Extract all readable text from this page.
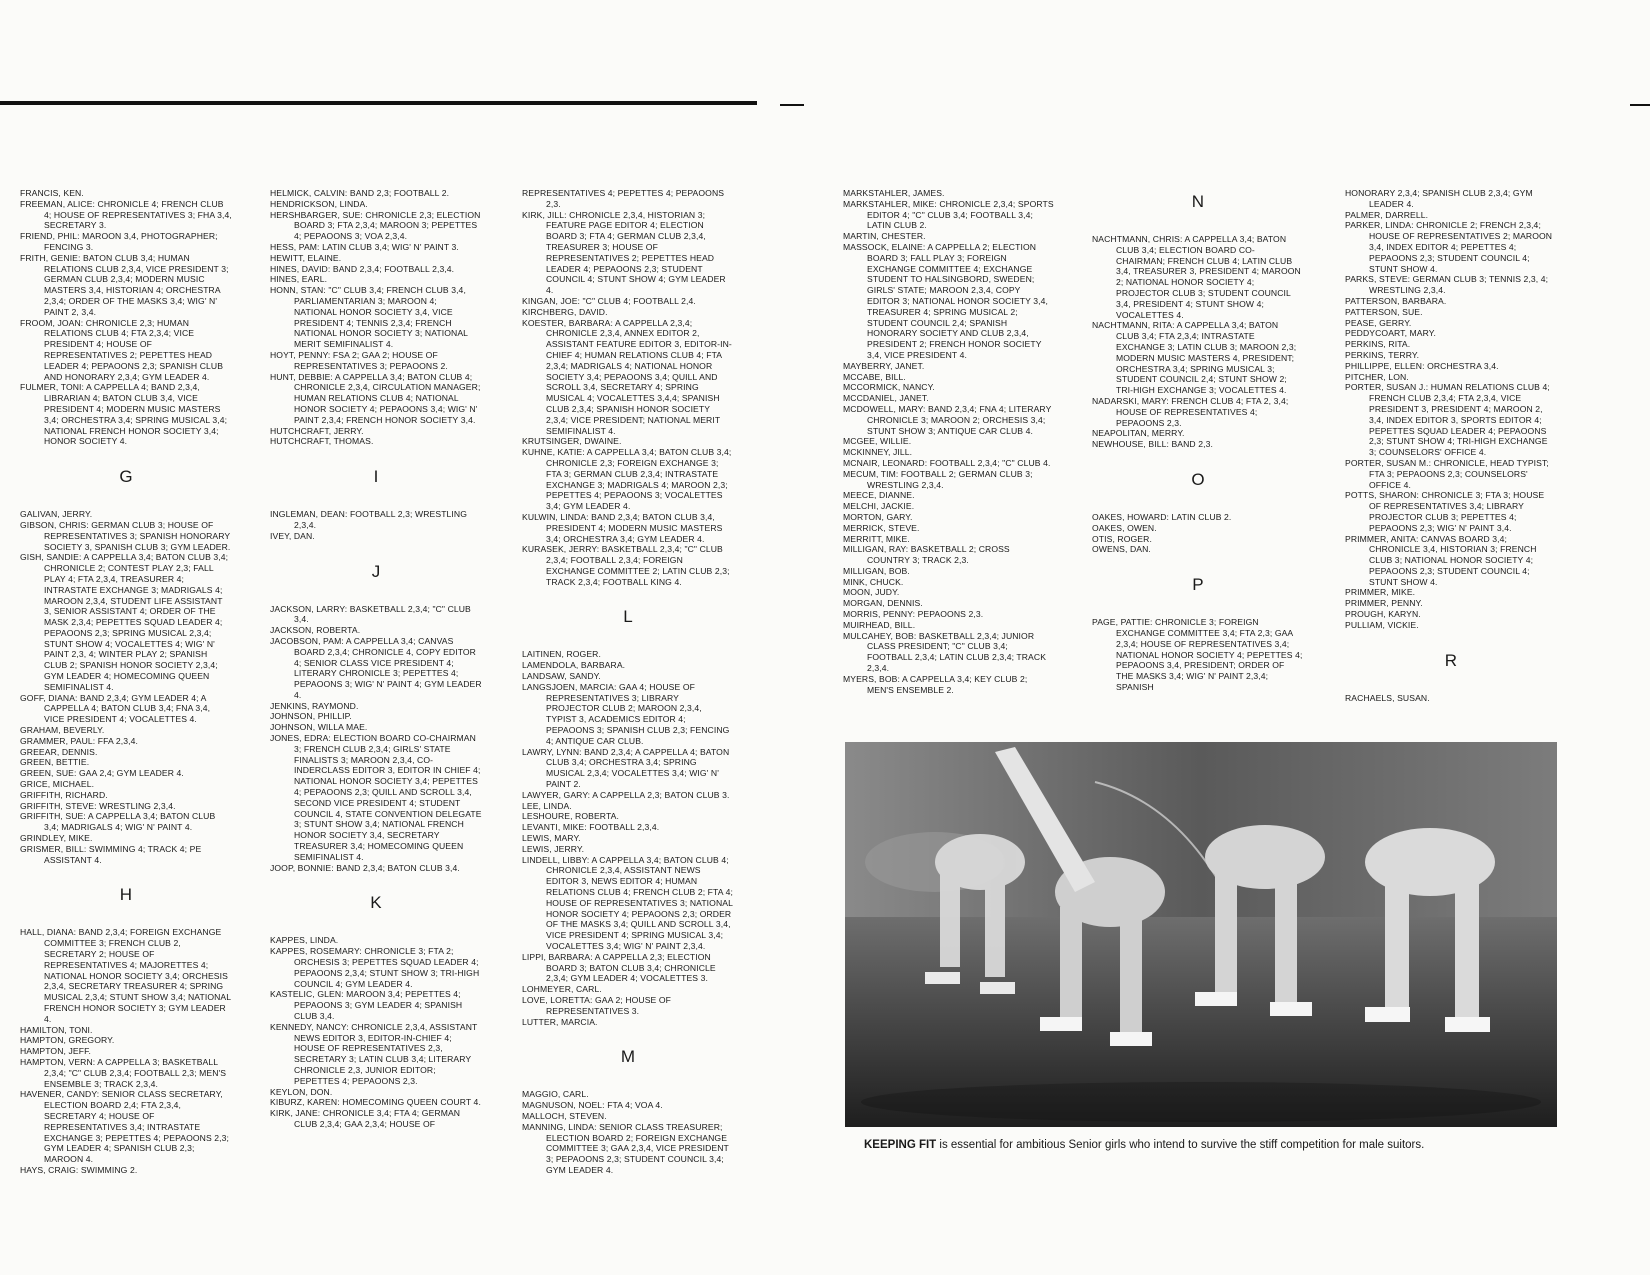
FRANCIS, KEN.

FREEMAN, ALICE: CHRONICLE 4; FRENCH CLUB 4; HOUSE OF REPRESENTATIVES 3; FHA 3,4, SECRETARY 3.

FRIEND, PHIL: MAROON 3,4, PHOTOGRAPHER; FENCING 3.

FRITH, GENIE: BATON CLUB 3,4; HUMAN RELATIONS CLUB 2,3,4, VICE PRESIDENT 3; GERMAN CLUB 2,3,4; MODERN MUSIC MASTERS 3,4, HISTORIAN 4; ORCHESTRA 2,3,4; ORDER OF THE MASKS 3,4; WIG' N' PAINT 2, 3,4.

FROOM, JOAN: CHRONICLE 2,3; HUMAN RELATIONS CLUB 4; FTA 2,3,4; VICE PRESIDENT 4; HOUSE OF REPRESENTATIVES 2; PEPETTES HEAD LEADER 4; PEPAOONS 2,3; SPANISH CLUB AND HONORARY 2,3,4; GYM LEADER 4.

FULMER, TONI: A CAPPELLA 4; BAND 2,3,4, LIBRARIAN 4; BATON CLUB 3,4, VICE PRESIDENT 4; MODERN MUSIC MASTERS 3,4; ORCHESTRA 3,4; SPRING MUSICAL 3,4; NATIONAL FRENCH HONOR SOCIETY 3,4; HONOR SOCIETY 4.

G

GALIVAN, JERRY.

GIBSON, CHRIS: GERMAN CLUB 3; HOUSE OF REPRESENTATIVES 3; SPANISH HONORARY SOCIETY 3, SPANISH CLUB 3; GYM LEADER.

GISH, SANDIE: A CAPPELLA 3,4; BATON CLUB 3,4; CHRONICLE 2; CONTEST PLAY 2,3; FALL PLAY 4; FTA 2,3,4, TREASURER 4; INTRASTATE EXCHANGE 3; MADRIGALS 4; MAROON 2,3,4, STUDENT LIFE ASSISTANT 3, SENIOR ASSISTANT 4; ORDER OF THE MASK 2,3,4; PEPETTES SQUAD LEADER 4; PEPAOONS 2,3; SPRING MUSICAL 2,3,4; STUNT SHOW 4; VOCALETTES 4; WIG' N' PAINT 2,3, 4; WINTER PLAY 2; SPANISH CLUB 2; SPANISH HONOR SOCIETY 2,3,4; GYM LEADER 4; HOMECOMING QUEEN SEMIFINALIST 4.

GOFF, DIANA: BAND 2,3,4; GYM LEADER 4; A CAPPELLA 4; BATON CLUB 3,4; FNA 3,4, VICE PRESIDENT 4; VOCALETTES 4.

GRAHAM, BEVERLY.

GRAMMER, PAUL: FFA 2,3,4.

GREEAR, DENNIS.

GREEN, BETTIE.

GREEN, SUE: GAA 2,4; GYM LEADER 4.

GRICE, MICHAEL.

GRIFFITH, RICHARD.

GRIFFITH, STEVE: WRESTLING 2,3,4.

GRIFFITH, SUE: A CAPPELLA 3,4; BATON CLUB 3,4; MADRIGALS 4; WIG' N' PAINT 4.

GRINDLEY, MIKE.

GRISMER, BILL: SWIMMING 4; TRACK 4; PE ASSISTANT 4.

H

HALL, DIANA: BAND 2,3,4; FOREIGN EXCHANGE COMMITTEE 3; FRENCH CLUB 2, SECRETARY 2; HOUSE OF REPRESENTATIVES 4; MAJORETTES 4; NATIONAL HONOR SOCIETY 3,4; ORCHESIS 2,3,4, SECRETARY TREASURER 4; SPRING MUSICAL 2,3,4; STUNT SHOW 3,4; NATIONAL FRENCH HONOR SOCIETY 3; GYM LEADER 4.

HAMILTON, TONI.

HAMPTON, GREGORY.

HAMPTON, JEFF.

HAMPTON, VERN: A CAPPELLA 3; BASKETBALL 2,3,4; "C" CLUB 2,3,4; FOOTBALL 2,3; MEN'S ENSEMBLE 3; TRACK 2,3,4.

HAVENER, CANDY: SENIOR CLASS SECRETARY, ELECTION BOARD 2,4; FTA 2,3,4, SECRETARY 4; HOUSE OF REPRESENTATIVES 3,4; INTRASTATE EXCHANGE 3; PEPETTES 4; PEPAOONS 2,3; GYM LEADER 4; SPANISH CLUB 2,3; MAROON 4.

HAYS, CRAIG: SWIMMING 2.

HELMICK, CALVIN: BAND 2,3; FOOTBALL 2.

HENDRICKSON, LINDA.

HERSHBARGER, SUE: CHRONICLE 2,3; ELECTION BOARD 3; FTA 2,3,4; MAROON 3; PEPETTES 4; PEPAOONS 3; VOA 2,3,4.

HESS, PAM: LATIN CLUB 3,4; WIG' N' PAINT 3.

HEWITT, ELAINE.

HINES, DAVID: BAND 2,3,4; FOOTBALL 2,3,4.

HINES, EARL.

HONN, STAN: "C" CLUB 3,4; FRENCH CLUB 3,4, PARLIAMENTARIAN 3; MAROON 4; NATIONAL HONOR SOCIETY 3,4, VICE PRESIDENT 4; TENNIS 2,3,4; FRENCH NATIONAL HONOR SOCIETY 3; NATIONAL MERIT SEMIFINALIST 4.

HOYT, PENNY: FSA 2; GAA 2; HOUSE OF REPRESENTATIVES 3; PEPAOONS 2.

HUNT, DEBBIE: A CAPPELLA 3,4; BATON CLUB 4; CHRONICLE 2,3,4, CIRCULATION MANAGER; HUMAN RELATIONS CLUB 4; NATIONAL HONOR SOCIETY 4; PEPAOONS 3,4; WIG' N' PAINT 2,3,4; FRENCH HONOR SOCIETY 3,4.

HUTCHCRAFT, JERRY.

HUTCHCRAFT, THOMAS.

I

INGLEMAN, DEAN: FOOTBALL 2,3; WRESTLING 2,3,4.

IVEY, DAN.

J

JACKSON, LARRY: BASKETBALL 2,3,4; "C" CLUB 3,4.

JACKSON, ROBERTA.

JACOBSON, PAM: A CAPPELLA 3,4; CANVAS BOARD 2,3,4; CHRONICLE 4, COPY EDITOR 4; SENIOR CLASS VICE PRESIDENT 4; LITERARY CHRONICLE 3; PEPETTES 4; PEPAOONS 3; WIG' N' PAINT 4; GYM LEADER 4.

JENKINS, RAYMOND.

JOHNSON, PHILLIP.

JOHNSON, WILLA MAE.

JONES, EDRA: ELECTION BOARD CO-CHAIRMAN 3; FRENCH CLUB 2,3,4; GIRLS' STATE FINALISTS 3; MAROON 2,3,4, CO-INDERCLASS EDITOR 3, EDITOR IN CHIEF 4; NATIONAL HONOR SOCIETY 3,4; PEPETTES 4; PEPAOONS 2,3; QUILL AND SCROLL 3,4, SECOND VICE PRESIDENT 4; STUDENT COUNCIL 4, STATE CONVENTION DELEGATE 3; STUNT SHOW 3,4; NATIONAL FRENCH HONOR SOCIETY 3,4, SECRETARY TREASURER 3,4; HOMECOMING QUEEN SEMIFINALIST 4.

JOOP, BONNIE: BAND 2,3,4; BATON CLUB 3,4.

K

KAPPES, LINDA.

KAPPES, ROSEMARY: CHRONICLE 3; FTA 2; ORCHESIS 3; PEPETTES SQUAD LEADER 4; PEPAOONS 2,3,4; STUNT SHOW 3; TRI-HIGH COUNCIL 4; GYM LEADER 4.

KASTELIC, GLEN: MAROON 3,4; PEPETTES 4; PEPAOONS 3; GYM LEADER 4; SPANISH CLUB 3,4.

KENNEDY, NANCY: CHRONICLE 2,3,4, ASSISTANT NEWS EDITOR 3, EDITOR-IN-CHIEF 4; HOUSE OF REPRESENTATIVES 2,3, SECRETARY 3; LATIN CLUB 3,4; LITERARY CHRONICLE 2,3, JUNIOR EDITOR; PEPETTES 4; PEPAOONS 2,3.

KEYLON, DON.

KIBURZ, KAREN: HOMECOMING QUEEN COURT 4.

KIRK, JANE: CHRONICLE 3,4; FTA 4; GERMAN CLUB 2,3,4; GAA 2,3,4; HOUSE OF

REPRESENTATIVES 4; PEPETTES 4; PEPAOONS 2,3.

KIRK, JILL: CHRONICLE 2,3,4, HISTORIAN 3; FEATURE PAGE EDITOR 4; ELECTION BOARD 3; FTA 4; GERMAN CLUB 2,3,4, TREASURER 3; HOUSE OF REPRESENTATIVES 2; PEPETTES HEAD LEADER 4; PEPAOONS 2,3; STUDENT COUNCIL 4; STUNT SHOW 4; GYM LEADER 4.

KINGAN, JOE: "C" CLUB 4; FOOTBALL 2,4.

KIRCHBERG, DAVID.

KOESTER, BARBARA: A CAPPELLA 2,3,4; CHRONICLE 2,3,4, ANNEX EDITOR 2, ASSISTANT FEATURE EDITOR 3, EDITOR-IN-CHIEF 4; HUMAN RELATIONS CLUB 4; FTA 2,3,4; MADRIGALS 4; NATIONAL HONOR SOCIETY 3,4; PEPAOONS 3,4; QUILL AND SCROLL 3,4, SECRETARY 4; SPRING MUSICAL 4; VOCALETTES 3,4,4; SPANISH CLUB 2,3,4; SPANISH HONOR SOCIETY 2,3,4; VICE PRESIDENT; NATIONAL MERIT SEMIFINALIST 4.

KRUTSINGER, DWAINE.

KUHNE, KATIE: A CAPPELLA 3,4; BATON CLUB 3,4; CHRONICLE 2,3; FOREIGN EXCHANGE 3; FTA 3; GERMAN CLUB 2,3,4; INTRASTATE EXCHANGE 3; MADRIGALS 4; MAROON 2,3; PEPETTES 4; PEPAOONS 3; VOCALETTES 3,4; GYM LEADER 4.

KULWIN, LINDA: BAND 2,3,4; BATON CLUB 3,4, PRESIDENT 4; MODERN MUSIC MASTERS 3,4; ORCHESTRA 3,4; GYM LEADER 4.

KURASEK, JERRY: BASKETBALL 2,3,4; "C" CLUB 2,3,4; FOOTBALL 2,3,4; FOREIGN EXCHANGE COMMITTEE 2; LATIN CLUB 2,3; TRACK 2,3,4; FOOTBALL KING 4.

L

LAITINEN, ROGER.

LAMENDOLA, BARBARA.

LANDSAW, SANDY.

LANGSJOEN, MARCIA: GAA 4; HOUSE OF REPRESENTATIVES 3; LIBRARY PROJECTOR CLUB 2; MAROON 2,3,4, TYPIST 3, ACADEMICS EDITOR 4; PEPAOONS 3; SPANISH CLUB 2,3; FENCING 4; ANTIQUE CAR CLUB.

LAWRY, LYNN: BAND 2,3,4; A CAPPELLA 4; BATON CLUB 3,4; ORCHESTRA 3,4; SPRING MUSICAL 2,3,4; VOCALETTES 3,4; WIG' N' PAINT 2.

LAWYER, GARY: A CAPPELLA 2,3; BATON CLUB 3.

LEE, LINDA.

LESHOURE, ROBERTA.

LEVANTI, MIKE: FOOTBALL 2,3,4.

LEWIS, MARY.

LEWIS, JERRY.

LINDELL, LIBBY: A CAPPELLA 3,4; BATON CLUB 4; CHRONICLE 2,3,4, ASSISTANT NEWS EDITOR 3, NEWS EDITOR 4; HUMAN RELATIONS CLUB 4; FRENCH CLUB 2; FTA 4; HOUSE OF REPRESENTATIVES 3; NATIONAL HONOR SOCIETY 4; PEPAOONS 2,3; ORDER OF THE MASKS 3,4; QUILL AND SCROLL 3,4, VICE PRESIDENT 4; SPRING MUSICAL 3,4; VOCALETTES 3,4; WIG' N' PAINT 2,3,4.

LIPPI, BARBARA: A CAPPELLA 2,3; ELECTION BOARD 3; BATON CLUB 3,4; CHRONICLE 2,3,4; GYM LEADER 4; VOCALETTES 3.

LOHMEYER, CARL.

LOVE, LORETTA: GAA 2; HOUSE OF REPRESENTATIVES 3.

LUTTER, MARCIA.

M

MAGGIO, CARL.

MAGNUSON, NOEL: FTA 4; VOA 4.

MALLOCH, STEVEN.

MANNING, LINDA: SENIOR CLASS TREASURER; ELECTION BOARD 2; FOREIGN EXCHANGE COMMITTEE 3; GAA 2,3,4, VICE PRESIDENT 3; PEPAOONS 2,3; STUDENT COUNCIL 3,4; GYM LEADER 4.

MARKSTAHLER, JAMES.

MARKSTAHLER, MIKE: CHRONICLE 2,3,4; SPORTS EDITOR 4; "C" CLUB 3,4; FOOTBALL 3,4; LATIN CLUB 2.

MARTIN, CHESTER.

MASSOCK, ELAINE: A CAPPELLA 2; ELECTION BOARD 3; FALL PLAY 3; FOREIGN EXCHANGE COMMITTEE 4; EXCHANGE STUDENT TO HALSINGBORD, SWEDEN; GIRLS' STATE; MAROON 2,3,4, COPY EDITOR 3; NATIONAL HONOR SOCIETY 3,4, TREASURER 4; SPRING MUSICAL 2; STUDENT COUNCIL 2,4; SPANISH HONORARY SOCIETY AND CLUB 2,3,4, PRESIDENT 2; FRENCH HONOR SOCIETY 3,4, VICE PRESIDENT 4.

MAYBERRY, JANET.

MCCABE, BILL.

MCCORMICK, NANCY.

MCCDANIEL, JANET.

MCDOWELL, MARY: BAND 2,3,4; FNA 4; LITERARY CHRONICLE 3; MAROON 2; ORCHESIS 3,4; STUNT SHOW 3; ANTIQUE CAR CLUB 4.

MCGEE, WILLIE.

MCKINNEY, JILL.

MCNAIR, LEONARD: FOOTBALL 2,3,4; "C" CLUB 4.

MECUM, TIM: FOOTBALL 2; GERMAN CLUB 3; WRESTLING 2,3,4.

MEECE, DIANNE.

MELCHI, JACKIE.

MORTON, GARY.

MERRICK, STEVE.

MERRITT, MIKE.

MILLIGAN, RAY: BASKETBALL 2; CROSS COUNTRY 3; TRACK 2,3.

MILLIGAN, BOB.

MINK, CHUCK.

MOON, JUDY.

MORGAN, DENNIS.

MORRIS, PENNY: PEPAOONS 2,3.

MUIRHEAD, BILL.

MULCAHEY, BOB: BASKETBALL 2,3,4; JUNIOR CLASS PRESIDENT; "C" CLUB 3,4; FOOTBALL 2,3,4; LATIN CLUB 2,3,4; TRACK 2,3,4.

MYERS, BOB: A CAPPELLA 3,4; KEY CLUB 2; MEN'S ENSEMBLE 2.

N

NACHTMANN, CHRIS: A CAPPELLA 3,4; BATON CLUB 3,4; ELECTION BOARD CO-CHAIRMAN; FRENCH CLUB 4; LATIN CLUB 3,4, TREASURER 3, PRESIDENT 4; MAROON 2; NATIONAL HONOR SOCIETY 4; PROJECTOR CLUB 3; STUDENT COUNCIL 3,4, PRESIDENT 4; STUNT SHOW 4; VOCALETTES 4.

NACHTMANN, RITA: A CAPPELLA 3,4; BATON CLUB 3,4; FTA 2,3,4; INTRASTATE EXCHANGE 3; LATIN CLUB 3; MAROON 2,3; MODERN MUSIC MASTERS 4, PRESIDENT; ORCHESTRA 3,4; SPRING MUSICAL 3; STUDENT COUNCIL 2,4; STUNT SHOW 2; TRI-HIGH EXCHANGE 3; VOCALETTES 4.

NADARSKI, MARY: FRENCH CLUB 4; FTA 2, 3,4; HOUSE OF REPRESENTATIVES 4; PEPAOONS 2,3.

NEAPOLITAN, MERRY.

NEWHOUSE, BILL: BAND 2,3.

O

OAKES, HOWARD: LATIN CLUB 2.

OAKES, OWEN.

OTIS, ROGER.

OWENS, DAN.

P

PAGE, PATTIE: CHRONICLE 3; FOREIGN EXCHANGE COMMITTEE 3,4; FTA 2,3; GAA 2,3,4; HOUSE OF REPRESENTATIVES 3,4; NATIONAL HONOR SOCIETY 4; PEPETTES 4; PEPAOONS 3,4, PRESIDENT; ORDER OF THE MASKS 3,4; WIG' N' PAINT 2,3,4; SPANISH

HONORARY 2,3,4; SPANISH CLUB 2,3,4; GYM LEADER 4.

PALMER, DARRELL.

PARKER, LINDA: CHRONICLE 2; FRENCH 2,3,4; HOUSE OF REPRESENTATIVES 2; MAROON 3,4, INDEX EDITOR 4; PEPETTES 4; PEPAOONS 2,3; STUDENT COUNCIL 4; STUNT SHOW 4.

PARKS, STEVE: GERMAN CLUB 3; TENNIS 2,3, 4; WRESTLING 2,3,4.

PATTERSON, BARBARA.

PATTERSON, SUE.

PEASE, GERRY.

PEDDYCOART, MARY.

PERKINS, RITA.

PERKINS, TERRY.

PHILLIPPE, ELLEN: ORCHESTRA 3,4.

PITCHER, LON.

PORTER, SUSAN J.: HUMAN RELATIONS CLUB 4; FRENCH CLUB 2,3,4; FTA 2,3,4, VICE PRESIDENT 3, PRESIDENT 4; MAROON 2, 3,4, INDEX EDITOR 3, SPORTS EDITOR 4; PEPETTES SQUAD LEADER 4; PEPAOONS 2,3; STUNT SHOW 4; TRI-HIGH EXCHANGE 3; COUNSELORS' OFFICE 4.

PORTER, SUSAN M.: CHRONICLE, HEAD TYPIST; FTA 3; PEPAOONS 2,3; COUNSELORS' OFFICE 4.

POTTS, SHARON: CHRONICLE 3; FTA 3; HOUSE OF REPRESENTATIVES 3,4; LIBRARY PROJECTOR CLUB 3; PEPETTES 4; PEPAOONS 2,3; WIG' N' PAINT 3,4.

PRIMMER, ANITA: CANVAS BOARD 3,4; CHRONICLE 3,4, HISTORIAN 3; FRENCH CLUB 3; NATIONAL HONOR SOCIETY 4; PEPAOONS 2,3; STUDENT COUNCIL 4; STUNT SHOW 4.

PRIMMER, MIKE.

PRIMMER, PENNY.

PROUGH, KARYN.

PULLIAM, VICKIE.

R

RACHAELS, SUSAN.

KEEPING FIT is essential for ambitious Senior girls who intend to survive the stiff competition for male suitors.
